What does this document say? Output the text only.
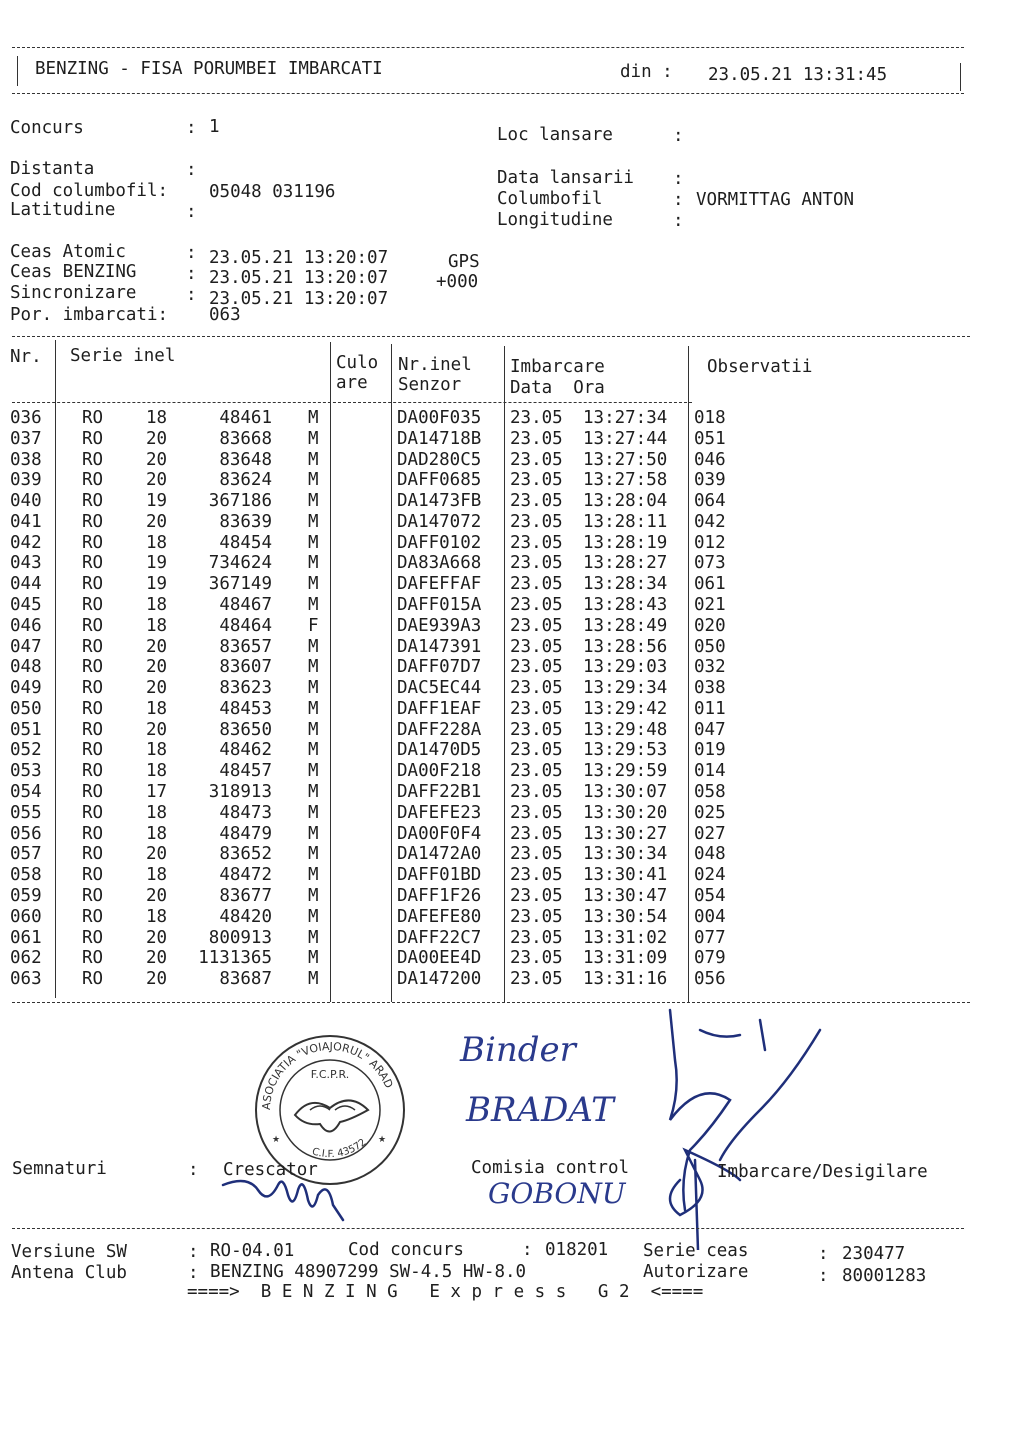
BENZING - FISA PORUMBEI IMBARCATI	din : 23.05.21 13:31:45
Concurs	: 1	Loc lansare	:
Distanta	:
Cod columbofil: 05048 031196
Latitudine	:
Data lansarii :
Columbofil	: VORMITTAG ANTON
Longitudine	:
Ceas Atomic	: 23.05.21 13:20:07	GPS
Ceas BENZING	: 23.05.21 13:20:07	+000
Sincronizare	: 23.05.21 13:20:07
Por. imbarcati: 063
Nr. Serie inel	Culo
are
Nr.inel
Senzor
Imbarcare
Data  Ora
Observatii
036 RO 18	48461 M	DA00F035 23.05 13:27:34 018
037 RO 20	83668 M	DA14718B 23.05 13:27:44 051
038 RO 20	83648 M	DAD280C5 23.05 13:27:50 046
039 RO 20	83624 M	DAFF0685 23.05 13:27:58 039
040 RO 19	367186 M	DA1473FB 23.05 13:28:04 064
041 RO 20	83639 M	DA147072 23.05 13:28:11 042
042 RO 18	48454 M	DAFF0102 23.05 13:28:19 012
043 RO 19	734624 M	DA83A668 23.05 13:28:27 073
044 RO 19	367149 M	DAFEFFAF 23.05 13:28:34 061
045 RO 18	48467 M	DAFF015A 23.05 13:28:43 021
046 RO 18	48464 F	DAE939A3 23.05 13:28:49 020
047 RO 20	83657 M	DA147391 23.05 13:28:56 050
048 RO 20	83607 M	DAFF07D7 23.05 13:29:03 032
049 RO 20	83623 M	DAC5EC44 23.05 13:29:34 038
050 RO 18	48453 M	DAFF1EAF 23.05 13:29:42 011
051 RO 20	83650 M	DAFF228A 23.05 13:29:48 047
052 RO 18	48462 M	DA1470D5 23.05 13:29:53 019
053 RO 18	48457 M	DA00F218 23.05 13:29:59 014
054 RO 17	318913 M	DAFF22B1 23.05 13:30:07 058
055 RO 18	48473 M	DAFEFE23 23.05 13:30:20 025
056 RO 18	48479 M	DA00F0F4 23.05 13:30:27 027
057 RO 20	83652 M	DA1472A0 23.05 13:30:34 048
058 RO 18	48472 M	DAFF01BD 23.05 13:30:41 024
059 RO 20	83677 M	DAFF1F26 23.05 13:30:47 054
060 RO 18	48420 M	DAFEFE80 23.05 13:30:54 004
061 RO 20	800913 M	DAFF22C7 23.05 13:31:02 077
062 RO 20	1131365 M	DA00EE4D 23.05 13:31:09 079
063 RO 20	83687 M	DA147200 23.05 13:31:16 056
ASOCIATIA "VOIAJORUL" ARAD
F.C.P.R.
C.I.F. 43572
★	★
Binder
BRADAT
GOBONU
Semnaturi	: Crescator	Comisia control	Imbarcare/Desigilare
Versiune SW	: RO-04.01	Cod concurs	: 018201 Serie ceas	: 230477
Antena Club	: BENZING 48907299 SW-4.5 HW-8.0	Autorizare	: 80001283
====>  B E N Z I N G   E x p r e s s   G 2  <====
